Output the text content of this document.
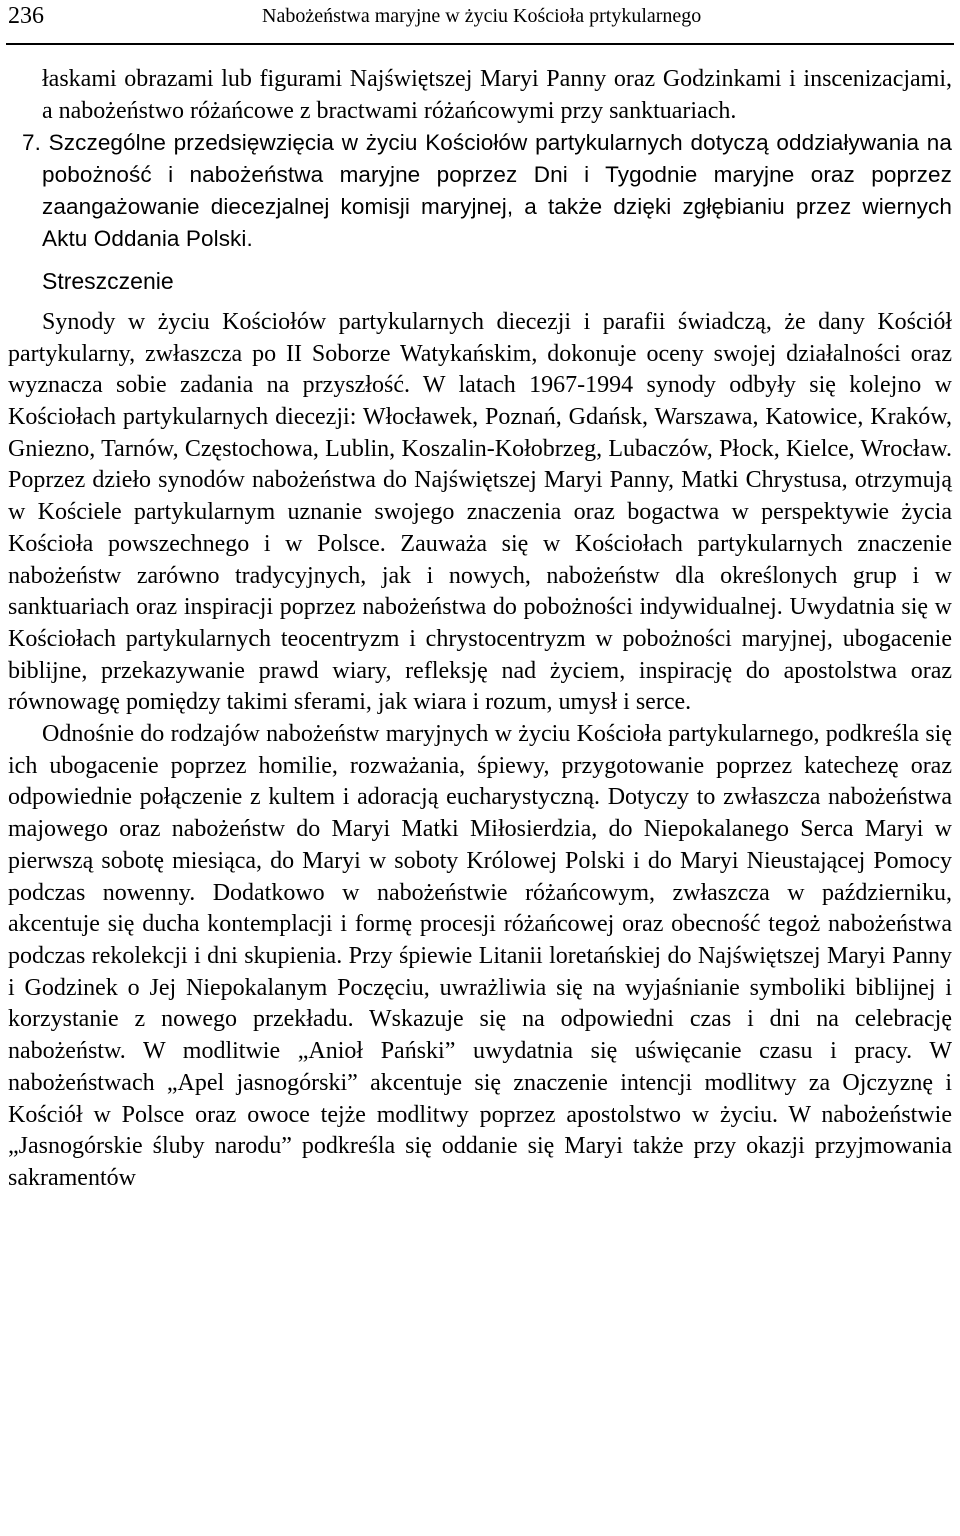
236	Nabożeństwa maryjne w życiu Kościoła prtykularnego

łaskami obrazami lub figurami Najświętszej Maryi Panny oraz Godzinkami i inscenizacjami, a nabożeństwo różańcowe z bractwami różańcowymi przy sanktuariach.

7. Szczególne przedsięwzięcia w życiu Kościołów partykularnych dotyczą oddziaływania na pobożność i nabożeństwa maryjne poprzez Dni i Tygodnie maryjne oraz poprzez zaangażowanie diecezjalnej komisji maryjnej, a także dzięki zgłębianiu przez wiernych Aktu Oddania Polski.

Streszczenie

Synody w życiu Kościołów partykularnych diecezji i parafii świadczą, że dany Kościół partykularny, zwłaszcza po II Soborze Watykańskim, dokonuje oceny swojej działalności oraz wyznacza sobie zadania na przyszłość. W latach 1967-1994 synody odbyły się kolejno w Kościołach partykularnych diecezji: Włocławek, Poznań, Gdańsk, Warszawa, Katowice, Kraków, Gniezno, Tarnów, Częstochowa, Lublin, Koszalin-Kołobrzeg, Lubaczów, Płock, Kielce, Wrocław. Poprzez dzieło synodów nabożeństwa do Najświętszej Maryi Panny, Matki Chrystusa, otrzymują w Kościele partykularnym uznanie swojego znaczenia oraz bogactwa w perspektywie życia Kościoła powszechnego i w Polsce. Zauważa się w Kościołach partykularnych znaczenie nabożeństw zarówno tradycyjnych, jak i nowych, nabożeństw dla określonych grup i w sanktuariach oraz inspiracji poprzez nabożeństwa do pobożności indywidualnej. Uwydatnia się w Kościołach partykularnych teocentryzm i chrystocentryzm w pobożności maryjnej, ubogacenie biblijne, przekazywanie prawd wiary, refleksję nad życiem, inspirację do apostolstwa oraz równowagę pomiędzy takimi sferami, jak wiara i rozum, umysł i serce.

Odnośnie do rodzajów nabożeństw maryjnych w życiu Kościoła partykularnego, podkreśla się ich ubogacenie poprzez homilie, rozważania, śpiewy, przygotowanie poprzez katechezę oraz odpowiednie połączenie z kultem i adoracją eucharystyczną. Dotyczy to zwłaszcza nabożeństwa majowego oraz nabożeństw do Maryi Matki Miłosierdzia, do Niepokalanego Serca Maryi w pierwszą sobotę miesiąca, do Maryi w soboty Królowej Polski i do Maryi Nieustającej Pomocy podczas nowenny. Dodatkowo w nabożeństwie różańcowym, zwłaszcza w październiku, akcentuje się ducha kontemplacji i formę procesji różańcowej oraz obecność tegoż nabożeństwa podczas rekolekcji i dni skupienia. Przy śpiewie Litanii loretańskiej do Najświętszej Maryi Panny i Godzinek o Jej Niepokalanym Poczęciu, uwrażliwia się na wyjaśnianie symboliki biblijnej i korzystanie z nowego przekładu. Wskazuje się na odpowiedni czas i dni na celebrację nabożeństw. W modlitwie „Anioł Pański” uwydatnia się uświęcanie czasu i pracy. W nabożeństwach „Apel jasnogórski” akcentuje się znaczenie intencji modlitwy za Ojczyznę i Kościół w Polsce oraz owoce tejże modlitwy poprzez apostolstwo w życiu. W nabożeństwie „Jasnogórskie śluby narodu” podkreśla się oddanie się Maryi także przy okazji przyjmowania sakramentów
